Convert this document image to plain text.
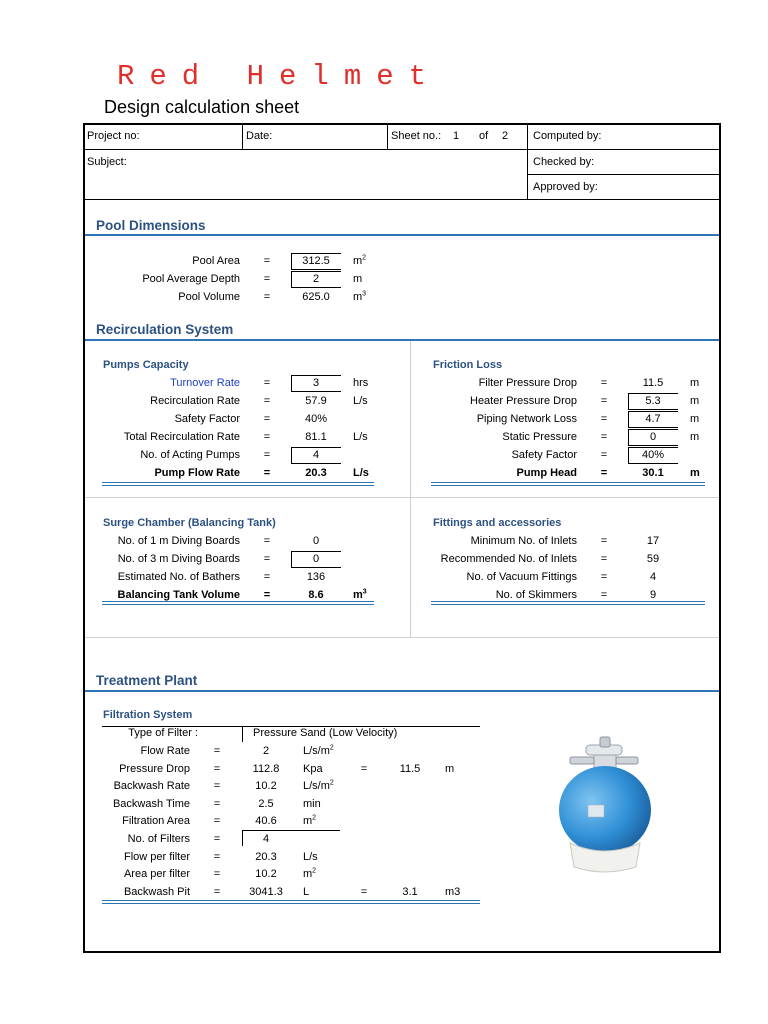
Red Helmet
Design calculation sheet
Project no:	Date:	Sheet no.: 1 of 2 Computed by:
Subject:	Checked by:
Approved by:
Pool Dimensions
Pool Area =	312.5	$m^2$
Pool Average Depth =	2	m
Pool Volume =	625.0	$m^3$
Recirculation System
Pumps Capacity	Friction Loss
Surge Chamber (Balancing Tank)	Fittings and accessories
Turnover Rate =	3	hrs
Recirculation Rate =	57.9	L/s
Safety Factor =	40%
Total Recirculation Rate =	81.1	L/s
No. of Acting Pumps =	4
Pump Flow Rate =	20.3	L/s
Filter Pressure Drop =	11.5	m
Heater Pressure Drop =	5.3	m
Piping Network Loss =	4.7	m
Static Pressure =	0	m
Safety Factor =	40%
Pump Head =	30.1	m
No. of 1 m Diving Boards =	0
No. of 3 m Diving Boards =	0
Estimated No. of Bathers =	136
Balancing Tank Volume =	8.6	$m^3$
Minimum No. of Inlets =	17
Recommended No. of Inlets =	59
No. of Vacuum Fittings =	4
No. of Skimmers =	9
Treatment Plant
Filtration System
Type of Filter :	Pressure Sand (Low Velocity)
Flow Rate =	2	$L/s/m^2$
Pressure Drop =	112.8	Kpa	=	11.5	m
Backwash Rate =	10.2	$L/s/m^2$
Backwash Time =	2.5	min
Filtration Area =	40.6	$m^2$
No. of Filters =	4
Flow per filter =	20.3	L/s
Area per filter =	10.2	$m^2$
Backwash Pit =	3041.3	L	=	3.1	m3
